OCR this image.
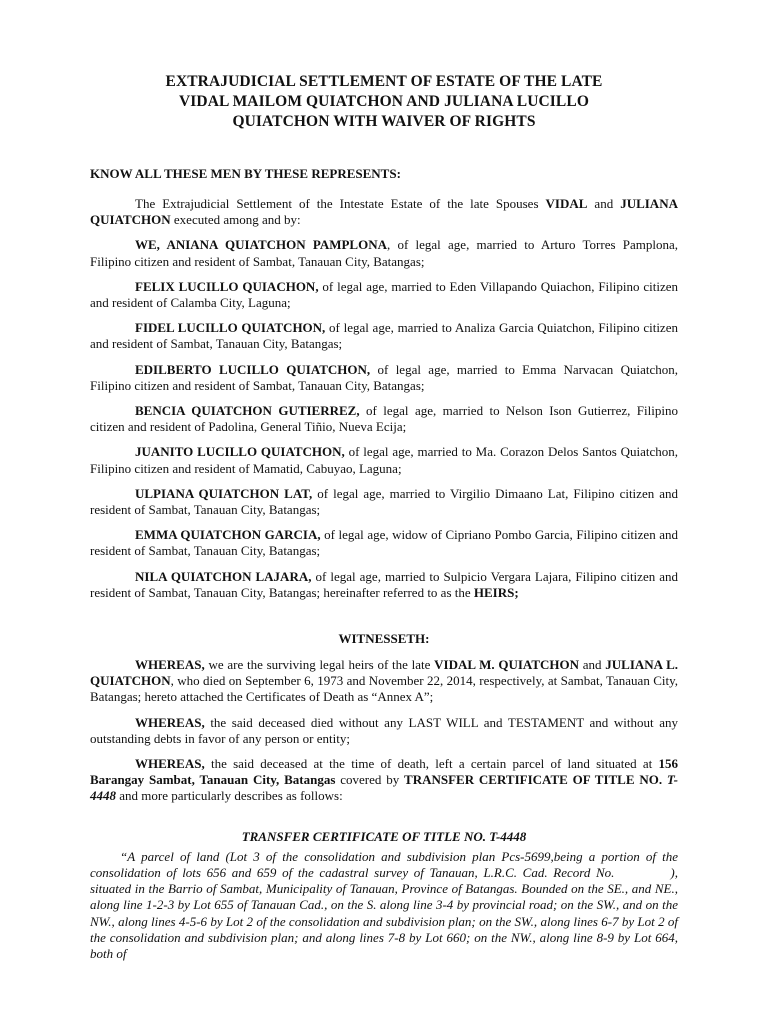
EXTRAJUDICIAL SETTLEMENT OF ESTATE OF THE LATE
VIDAL MAILOM QUIATCHON AND JULIANA LUCILLO
QUIATCHON WITH WAIVER OF RIGHTS
KNOW ALL THESE MEN BY THESE REPRESENTS:

The Extrajudicial Settlement of the Intestate Estate of the late Spouses VIDAL and JULIANA QUIATCHON executed among and by:

WE, ANIANA QUIATCHON PAMPLONA, of legal age, married to Arturo Torres Pamplona, Filipino citizen and resident of Sambat, Tanauan City, Batangas;

FELIX LUCILLO QUIACHON, of legal age, married to Eden Villapando Quiachon, Filipino citizen and resident of Calamba City, Laguna;

FIDEL LUCILLO QUIATCHON, of legal age, married to Analiza Garcia Quiatchon, Filipino citizen and resident of Sambat, Tanauan City, Batangas;

EDILBERTO LUCILLO QUIATCHON, of legal age, married to Emma Narvacan Quiatchon, Filipino citizen and resident of Sambat, Tanauan City, Batangas;

BENCIA QUIATCHON GUTIERREZ, of legal age, married to Nelson Ison Gutierrez, Filipino citizen and resident of Padolina, General Tiñio, Nueva Ecija;

JUANITO LUCILLO QUIATCHON, of legal age, married to Ma. Corazon Delos Santos Quiatchon, Filipino citizen and resident of Mamatid, Cabuyao, Laguna;

ULPIANA QUIATCHON LAT, of legal age, married to Virgilio Dimaano Lat, Filipino citizen and resident of Sambat, Tanauan City, Batangas;

EMMA QUIATCHON GARCIA, of legal age, widow of Cipriano Pombo Garcia, Filipino citizen and resident of Sambat, Tanauan City, Batangas;

NILA QUIATCHON LAJARA, of legal age, married to Sulpicio Vergara Lajara, Filipino citizen and resident of Sambat, Tanauan City, Batangas; hereinafter referred to as the HEIRS;

WITNESSETH:

WHEREAS, we are the surviving legal heirs of the late VIDAL M. QUIATCHON and JULIANA L. QUIATCHON, who died on September 6, 1973 and November 22, 2014, respectively, at Sambat, Tanauan City, Batangas; hereto attached the Certificates of Death as “Annex A”;

WHEREAS, the said deceased died without any LAST WILL and TESTAMENT and without any outstanding debts in favor of any person or entity;

WHEREAS, the said deceased at the time of death, left a certain parcel of land situated at 156 Barangay Sambat, Tanauan City, Batangas covered by TRANSFER CERTIFICATE OF TITLE NO. T-4448 and more particularly describes as follows:

TRANSFER CERTIFICATE OF TITLE NO. T-4448

“A parcel of land (Lot 3 of the consolidation and subdivision plan Pcs-5699,being a portion of the consolidation of lots 656 and 659 of the cadastral survey of Tanauan, L.R.C. Cad. Record No.	), situated in the Barrio of Sambat, Municipality of Tanauan, Province of Batangas. Bounded on the SE., and NE., along line 1-2-3 by Lot 655 of Tanauan Cad., on the S. along line 3-4 by provincial road; on the SW., and on the NW., along lines 4-5-6 by Lot 2 of the consolidation and subdivision plan; on the SW., along lines 6-7 by Lot 2 of the consolidation and subdivision plan; and along lines 7-8 by Lot 660; on the NW., along line 8-9 by Lot 664, both of
